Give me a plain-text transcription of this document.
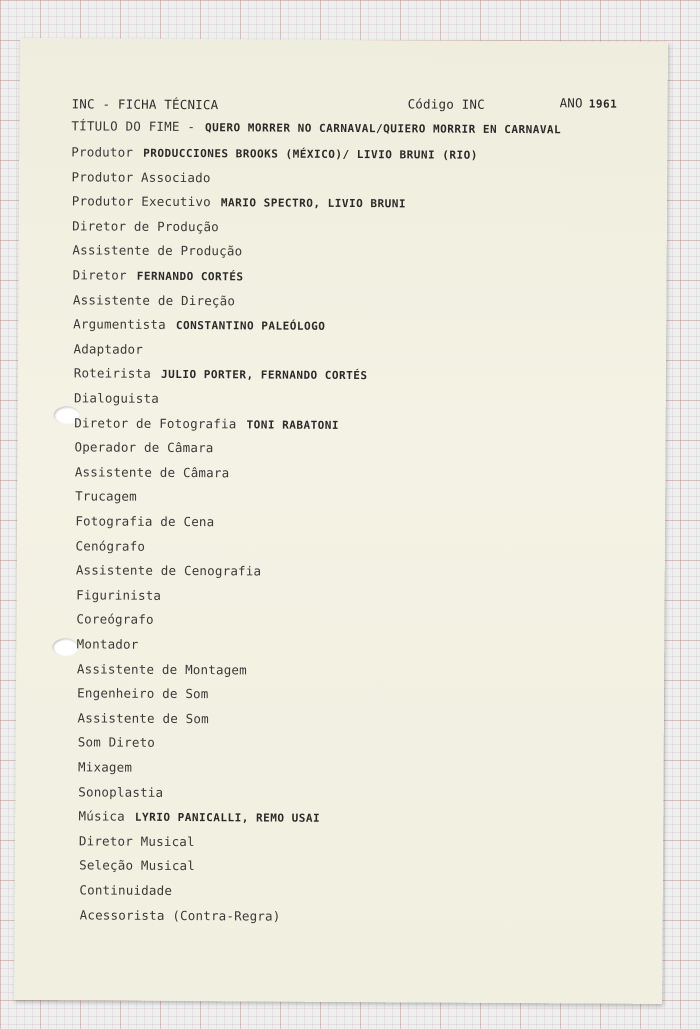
INC - FICHA TÉCNICA	Código INC	ANO 1961
TÍTULO DO FIME - QUERO MORRER NO CARNAVAL/QUIERO MORRIR EN CARNAVAL
Produtor PRODUCCIONES BROOKS (MÉXICO)/ LIVIO BRUNI (RIO)
Produtor Associado
Produtor Executivo MARIO SPECTRO, LIVIO BRUNI
Diretor de Produção
Assistente de Produção
Diretor FERNANDO CORTÉS
Assistente de Direção
Argumentista CONSTANTINO PALEÓLOGO
Adaptador
Roteirista JULIO PORTER, FERNANDO CORTÉS
Dialoguista
Diretor de Fotografia TONI RABATONI
Operador de Câmara
Assistente de Câmara
Trucagem
Fotografia de Cena
Cenógrafo
Assistente de Cenografia
Figurinista
Coreógrafo
Montador
Assistente de Montagem
Engenheiro de Som
Assistente de Som
Som Direto
Mixagem
Sonoplastia
Música LYRIO PANICALLI, REMO USAI
Diretor Musical
Seleção Musical
Continuidade
Acessorista (Contra-Regra)
